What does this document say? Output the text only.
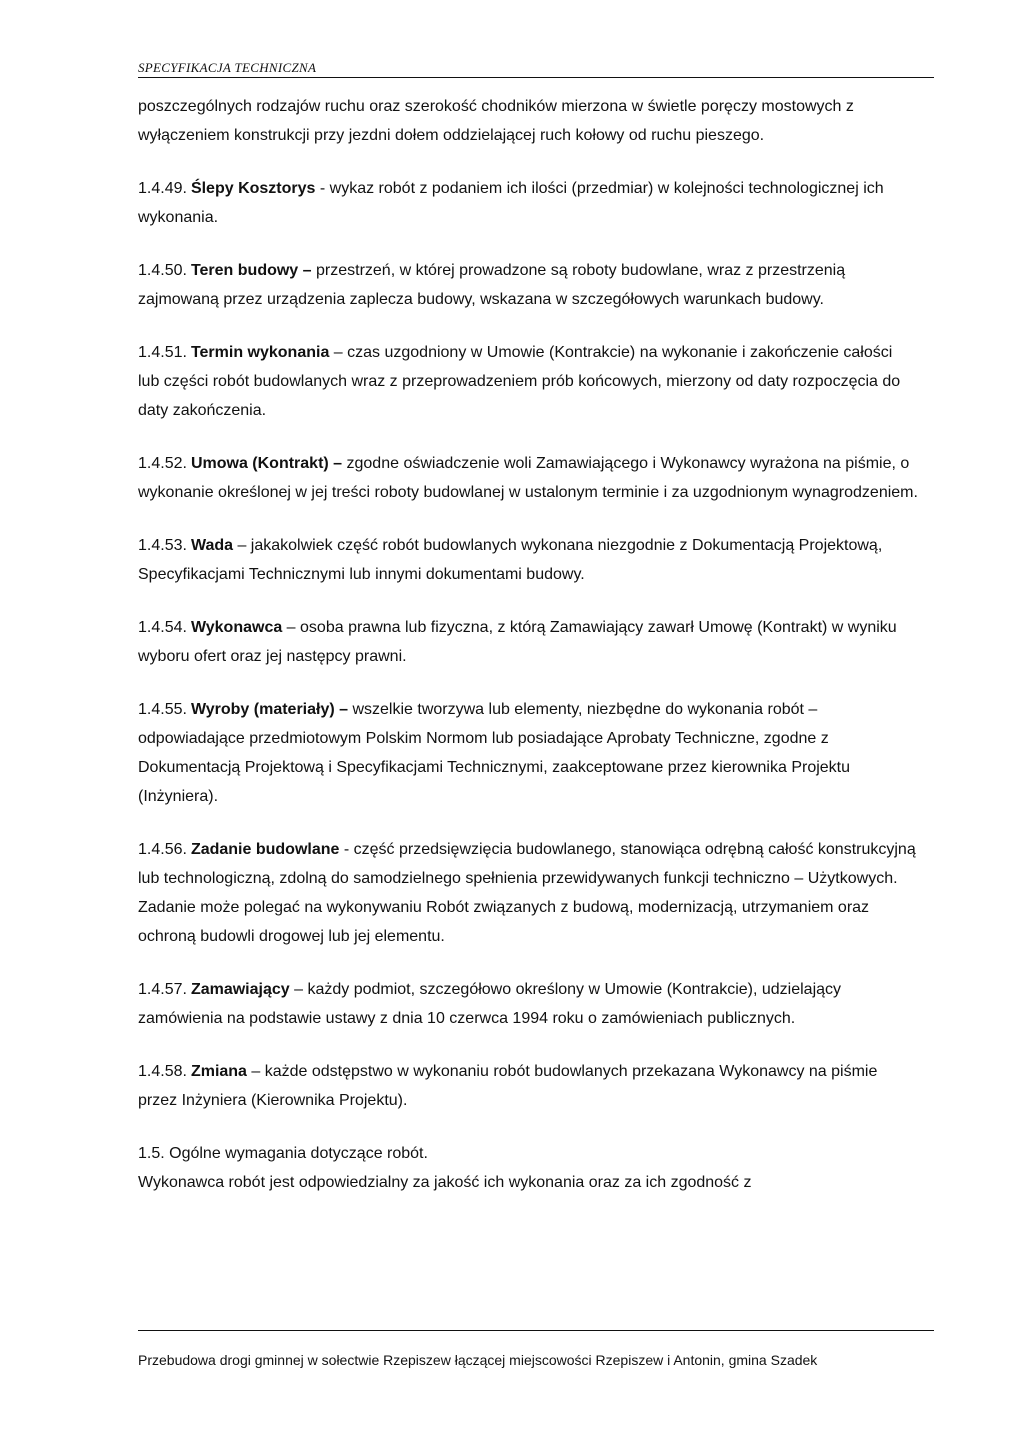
SPECYFIKACJA TECHNICZNA

poszczególnych rodzajów ruchu oraz szerokość chodników mierzona w świetle poręczy mostowych z wyłączeniem konstrukcji przy jezdni dołem oddzielającej ruch kołowy od ruchu pieszego.

1.4.49. Ślepy Kosztorys - wykaz robót z podaniem ich ilości (przedmiar) w kolejności technologicznej ich wykonania.

1.4.50. Teren budowy – przestrzeń, w której prowadzone są roboty budowlane, wraz z przestrzenią zajmowaną przez urządzenia zaplecza budowy, wskazana w szczegółowych warunkach budowy.

1.4.51. Termin wykonania – czas uzgodniony w Umowie (Kontrakcie) na wykonanie i zakończenie całości lub części robót budowlanych wraz z przeprowadzeniem prób końcowych, mierzony od daty rozpoczęcia do daty zakończenia.

1.4.52. Umowa (Kontrakt) – zgodne oświadczenie woli Zamawiającego i Wykonawcy wyrażona na piśmie, o wykonanie określonej w jej treści roboty budowlanej w ustalonym terminie i za uzgodnionym wynagrodzeniem.

1.4.53. Wada – jakakolwiek część robót budowlanych wykonana niezgodnie z Dokumentacją Projektową, Specyfikacjami Technicznymi lub innymi dokumentami budowy.

1.4.54. Wykonawca – osoba prawna lub fizyczna, z którą Zamawiający zawarł Umowę (Kontrakt) w wyniku wyboru ofert oraz jej następcy prawni.

1.4.55. Wyroby (materiały) – wszelkie tworzywa lub elementy, niezbędne do wykonania robót – odpowiadające przedmiotowym Polskim Normom lub posiadające Aprobaty Techniczne, zgodne z Dokumentacją Projektową i Specyfikacjami Technicznymi, zaakceptowane przez kierownika Projektu (Inżyniera).

1.4.56. Zadanie budowlane - część przedsięwzięcia budowlanego, stanowiąca odrębną całość konstrukcyjną lub technologiczną, zdolną do samodzielnego spełnienia przewidywanych funkcji techniczno – Użytkowych. Zadanie może polegać na wykonywaniu Robót związanych z budową, modernizacją, utrzymaniem oraz ochroną budowli drogowej lub jej elementu.

1.4.57. Zamawiający – każdy podmiot, szczegółowo określony w Umowie (Kontrakcie), udzielający zamówienia na podstawie ustawy z dnia 10 czerwca 1994 roku o zamówieniach publicznych.

1.4.58. Zmiana – każde odstępstwo w wykonaniu robót budowlanych przekazana Wykonawcy na piśmie przez Inżyniera (Kierownika Projektu).

1.5. Ogólne wymagania dotyczące robót.

Wykonawca robót jest odpowiedzialny za jakość ich wykonania oraz za ich zgodność z

Przebudowa drogi gminnej w sołectwie Rzepiszew łączącej miejscowości Rzepiszew i Antonin, gmina Szadek
